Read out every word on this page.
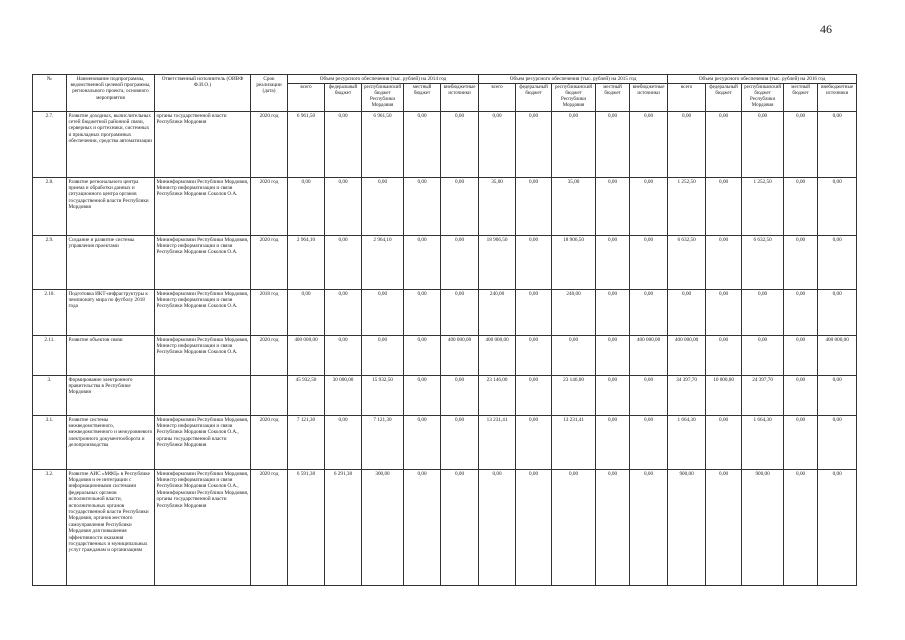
46
№	Наименование подпрограммы, ведомственной целевой программы, регионального проекта, основного мероприятия	Ответственный исполнитель (ОИВФ Ф.И.О.)	Срок реализации (дата)	Объем ресурсного обеспечения (тыс. рублей) на 2014 год					Объем ресурсного обеспечения (тыс. рублей) на 2015 год					Объем ресурсного обеспечения (тыс. рублей) на 2016 год				
				всего	федеральный бюджет	республиканский бюджет Республики Мордовия	местный бюджет	внебюджетные источники	всего	федеральный бюджет	республиканский бюджет Республики Мордовия	местный бюджет	внебюджетные источники	всего	федеральный бюджет	республиканский бюджет Республики Мордовия	местный бюджет	внебюджетные источники
2.7.	Развитие доходных, вычислительных сетей бюджетной районной связи, серверных и оргтехники, системных и прикладных программных обеспечении, средства автоматизации	органы государственной власти Республики Мордовия	2020 год	6 961,50	0,00	6 961,50	0,00	0,00	0,00	0,00	0,00	0,00	0,00	0,00	0,00	0,00	0,00	0,00
2.8.	Развитие регионального центра приема и обработки данных и ситуационного центра органов государственной власти Республики Мордовия	Мининформсвязи Республики Мордовия, Министр информатизации и связи Республики Мордовия Соколов О.А.	2020 год	0,00	0,00	0,00	0,00	0,00	35,00	0,00	35,00	0,00	0,00	1 252,50	0,00	1 252,50	0,00	0,00
2.9.	Создание и развитие системы управления проектами	Мининформсвязи Республики Мордовия, Министр информатизации и связи Республики Мордовия Соколов О.А.	2020 год	2 964,10	0,00	2 964,10	0,00	0,00	18 906,50	0,00	18 906,50	0,00	0,00	6 632,50	0,00	6 632,50	0,00	0,00
2.10.	Подготовка ИКТ-инфраструктуры к чемпионату мира по футболу 2018 года	Мининформсвязи Республики Мордовия, Министр информатизации и связи Республики Мордовия Соколов О.А.	2018 год	0,00	0,00	0,00	0,00	0,00	240,00	0,00	240,00	0,00	0,00	0,00	0,00	0,00	0,00	0,00
2.11.	Развитие объектов связи	Мининформсвязи Республики Мордовия, Министр информатизации и связи Республики Мордовия Соколов О.А.	2020 год	400 000,00	0,00	0,00	0,00	400 000,00	400 000,00	0,00	0,00	0,00	400 000,00	400 000,00	0,00	0,00	0,00	400 000,00
3.	Формирование электронного правительства в Республике Мордовия			45 932,50	30 000,00	15 932,50	0,00	0,00	23 146,00	0,00	23 146,00	0,00	0,00	34 397,70	10 000,00	24 397,70	0,00	0,00
3.1.	Развитие системы межведомственного, межведомственного и межуровневого электронного документооборота и делопроизводства	Мининформсвязи Республики Мордовия, Министр информатизации и связи Республики Мордовия Соколов О.А., органы государственной власти Республики Мордовия	2020 год	7 121,30	0,00	7 121,30	0,00	0,00	13 231,41	0,00	13 231,41	0,00	0,00	1 664,30	0,00	1 664,30	0,00	0,00
3.2.	Развитие АИС «МФЦ» в Республике Мордовия и ее интеграции с информационными системами федеральных органов исполнительной власти, исполнительных органов государственной власти Республики Мордовия, органов местного самоуправления Республики Мордовия для повышения эффективности оказания государственных и муниципальных услуг гражданам и организациям	Мининформсвязи Республики Мордовия, Министр информатизации и связи Республики Мордовия Соколов О.А., Мининформсвязи Республики Мордовия, органы государственной власти Республики Мордовия	2020 год	6 591,38	6 291,38	300,00	0,00	0,00	0,00	0,00	0,00	0,00	0,00	900,00	0,00	900,00	0,00	0,00
